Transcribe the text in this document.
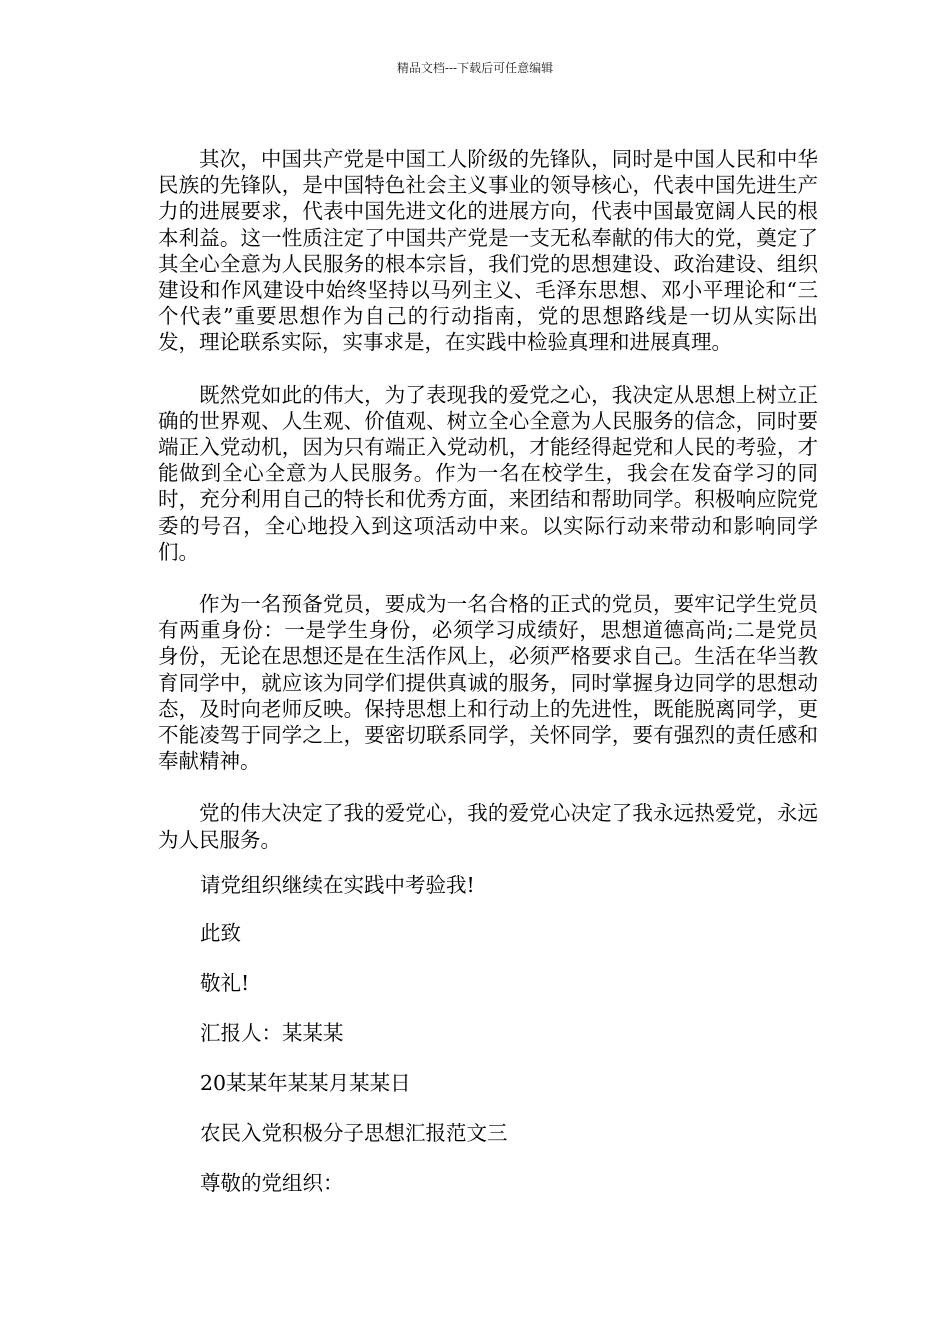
精品文档---下载后可任意编辑

其次，中国共产党是中国工人阶级的先锋队，同时是中国人民和中华民族的先锋队，是中国特色社会主义事业的领导核心，代表中国先进生产力的进展要求，代表中国先进文化的进展方向，代表中国最宽阔人民的根本利益。这一性质注定了中国共产党是一支无私奉献的伟大的党，奠定了其全心全意为人民服务的根本宗旨，我们党的思想建设、政治建设、组织建设和作风建设中始终坚持以马列主义、毛泽东思想、邓小平理论和“三个代表”重要思想作为自己的行动指南，党的思想路线是一切从实际出发，理论联系实际，实事求是，在实践中检验真理和进展真理。

既然党如此的伟大，为了表现我的爱党之心，我决定从思想上树立正确的世界观、人生观、价值观、树立全心全意为人民服务的信念，同时要端正入党动机，因为只有端正入党动机，才能经得起党和人民的考验，才能做到全心全意为人民服务。作为一名在校学生，我会在发奋学习的同时，充分利用自己的特长和优秀方面，来团结和帮助同学。积极响应院党委的号召，全心地投入到这项活动中来。以实际行动来带动和影响同学们。

作为一名预备党员，要成为一名合格的正式的党员，要牢记学生党员有两重身份：一是学生身份，必须学习成绩好，思想道德高尚;二是党员身份，无论在思想还是在生活作风上，必须严格要求自己。生活在华当教育同学中，就应该为同学们提供真诚的服务，同时掌握身边同学的思想动态，及时向老师反映。保持思想上和行动上的先进性，既能脱离同学，更不能凌驾于同学之上，要密切联系同学，关怀同学，要有强烈的责任感和奉献精神。

党的伟大决定了我的爱党心，我的爱党心决定了我永远热爱党，永远为人民服务。

请党组织继续在实践中考验我!
此致
敬礼!
汇报人：某某某
20某某年某某月某某日
农民入党积极分子思想汇报范文三
尊敬的党组织：
